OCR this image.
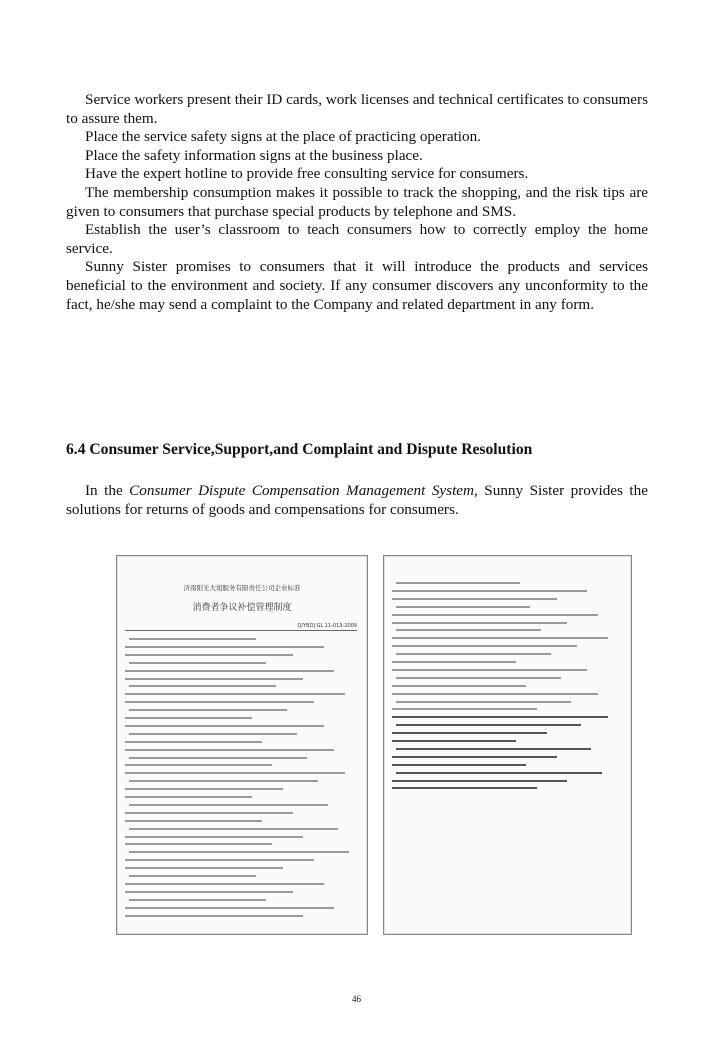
Service workers present their ID cards, work licenses and technical certificates to consumers to assure them.

Place the service safety signs at the place of practicing operation.

Place the safety information signs at the business place.

Have the expert hotline to provide free consulting service for consumers.

The membership consumption makes it possible to track the shopping, and the risk tips are given to consumers that purchase special products by telephone and SMS.

Establish the user’s classroom to teach consumers how to correctly employ the home service.

Sunny Sister promises to consumers that it will introduce the products and services beneficial to the environment and society. If any consumer discovers any unconformity to the fact, he/she may send a complaint to the Company and related department in any form.

6.4 Consumer Service,Support,and Complaint and Dispute Resolution

In the Consumer Dispute Compensation Management System, Sunny Sister provides the solutions for returns of goods and compensations for consumers.

济南阳光大姐服务有限责任公司企业标准
消费者争议补偿管理制度
Q/YBDJ GL 11-013-2009
46
